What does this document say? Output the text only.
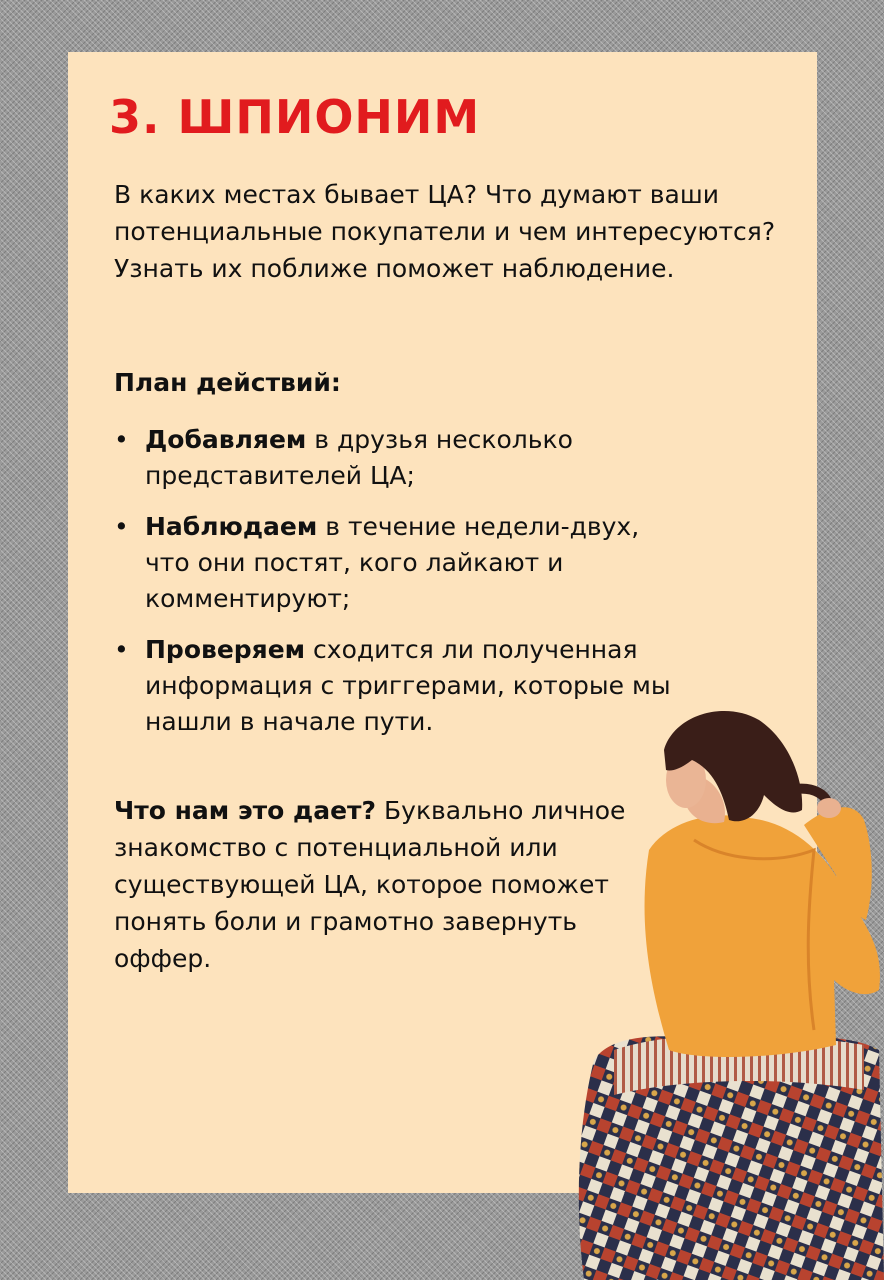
3. ШПИОНИМ
В каких местах бывает ЦА? Что думают ваши потенциальные покупатели и чем интересуются? Узнать их поближе поможет наблюдение.
План действий:
• Добавляем в друзья несколько представителей ЦА;
• Наблюдаем в течение недели-двух, что они постят, кого лайкают и комментируют;
• Проверяем сходится ли полученная информация с триггерами, которые мы нашли в начале пути.
Что нам это дает? Буквально личное знакомство с потенциальной или существующей ЦА, которое поможет понять боли и грамотно завернуть оффер.
